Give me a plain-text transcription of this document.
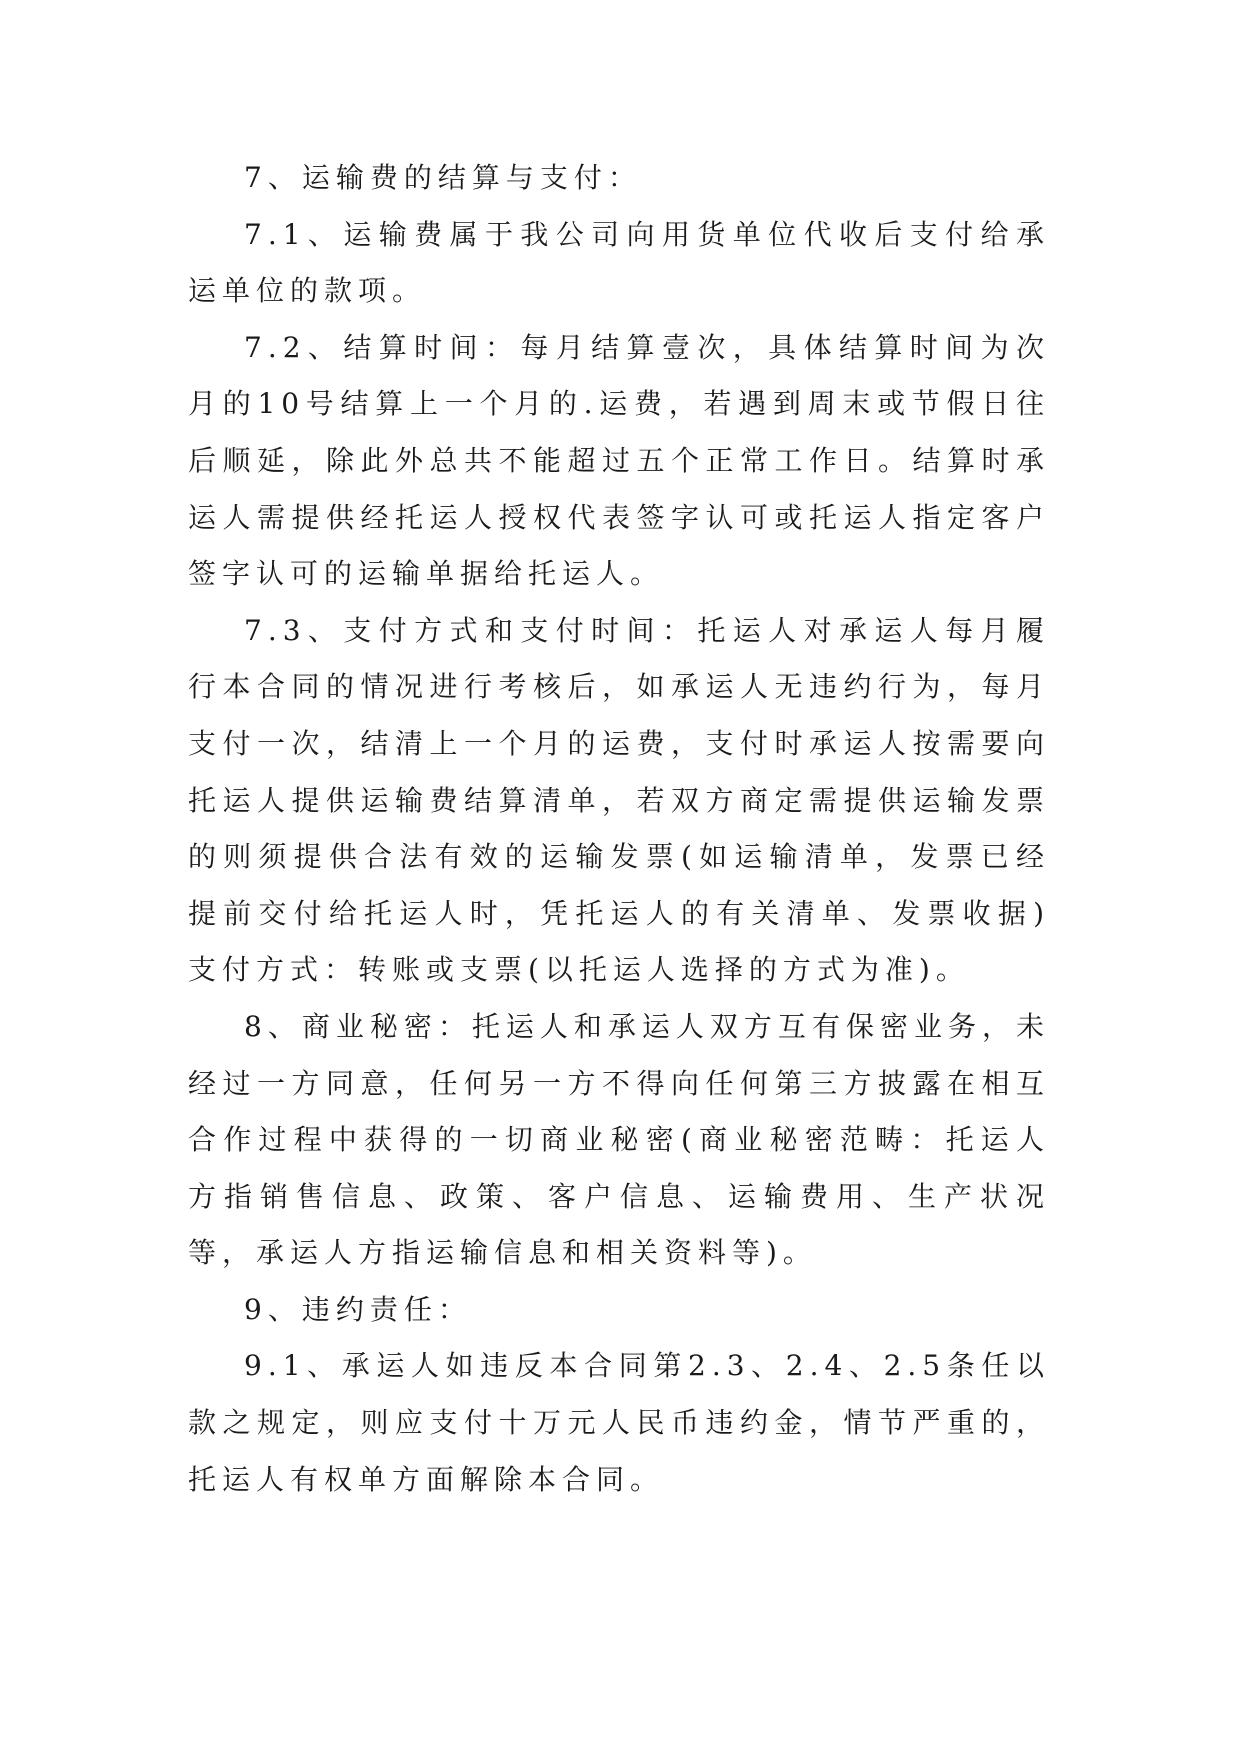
7、运输费的结算与支付：

7.1、运输费属于我公司向用货单位代收后支付给承运单位的款项。

7.2、结算时间：每月结算壹次，具体结算时间为次月的10号结算上一个月的.运费，若遇到周末或节假日往后顺延，除此外总共不能超过五个正常工作日。结算时承运人需提供经托运人授权代表签字认可或托运人指定客户签字认可的运输单据给托运人。

7.3、支付方式和支付时间：托运人对承运人每月履行本合同的情况进行考核后，如承运人无违约行为，每月支付一次，结清上一个月的运费，支付时承运人按需要向托运人提供运输费结算清单，若双方商定需提供运输发票的则须提供合法有效的运输发票(如运输清单，发票已经提前交付给托运人时，凭托运人的有关清单、发票收据)支付方式：转账或支票(以托运人选择的方式为准)。

8、商业秘密：托运人和承运人双方互有保密业务，未经过一方同意，任何另一方不得向任何第三方披露在相互合作过程中获得的一切商业秘密(商业秘密范畴：托运人方指销售信息、政策、客户信息、运输费用、生产状况等，承运人方指运输信息和相关资料等)。

9、违约责任：

9.1、承运人如违反本合同第2.3、2.4、2.5条任以款之规定，则应支付十万元人民币违约金，情节严重的，托运人有权单方面解除本合同。
